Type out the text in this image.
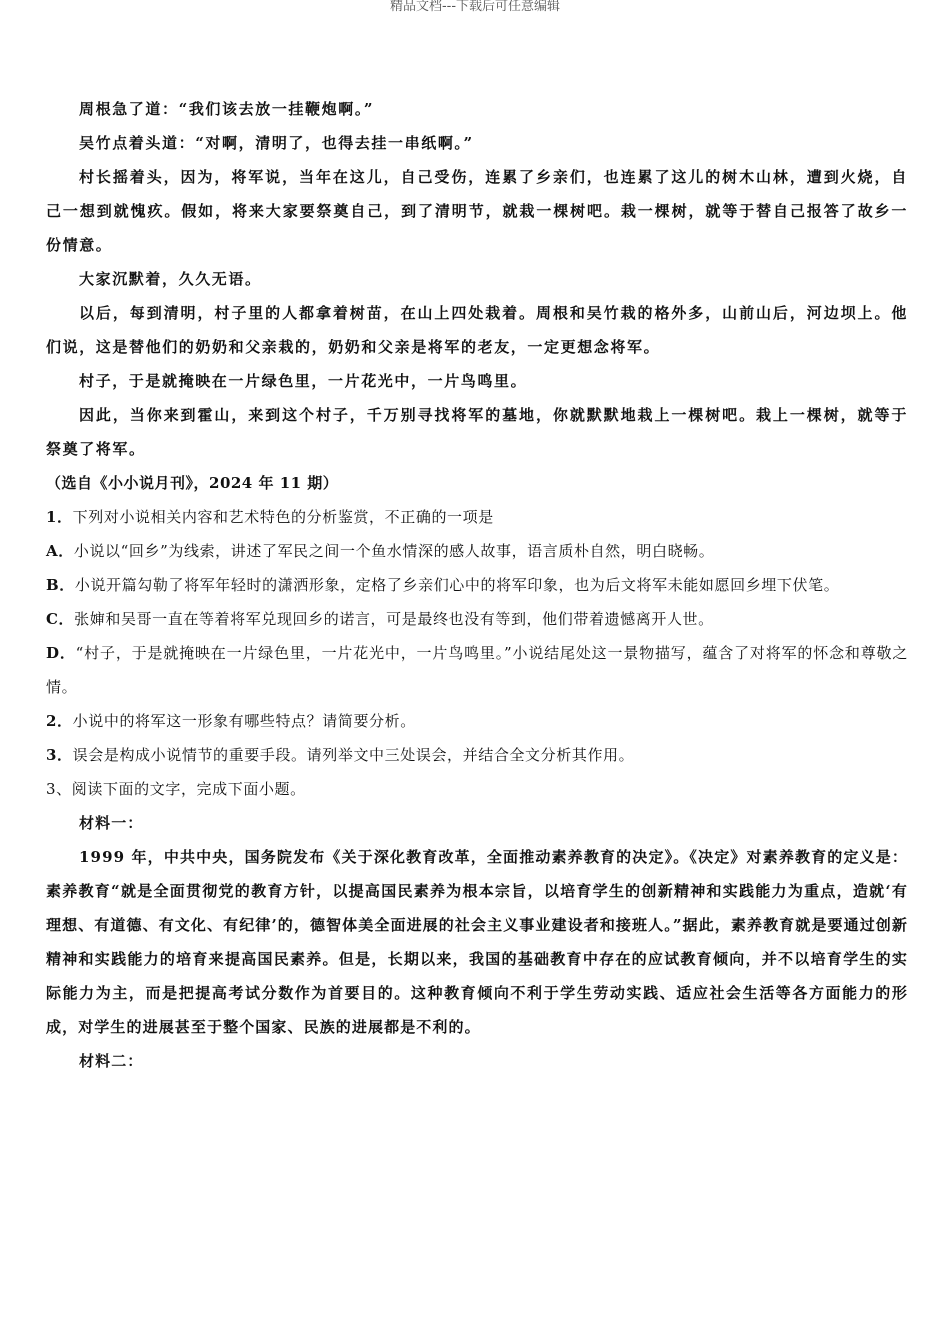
精品文档---下载后可任意编辑

周根急了道：“我们该去放一挂鞭炮啊。”

吴竹点着头道：“对啊，清明了，也得去挂一串纸啊。”

村长摇着头，因为，将军说，当年在这儿，自己受伤，连累了乡亲们，也连累了这儿的树木山林，遭到火烧，自己一想到就愧疚。假如，将来大家要祭奠自己，到了清明节，就栽一棵树吧。栽一棵树，就等于替自己报答了故乡一份情意。

大家沉默着，久久无语。

以后，每到清明，村子里的人都拿着树苗，在山上四处栽着。周根和吴竹栽的格外多，山前山后，河边坝上。他们说，这是替他们的奶奶和父亲栽的，奶奶和父亲是将军的老友，一定更想念将军。

村子，于是就掩映在一片绿色里，一片花光中，一片鸟鸣里。

因此，当你来到霍山，来到这个村子，千万别寻找将军的墓地，你就默默地栽上一棵树吧。栽上一棵树，就等于祭奠了将军。

（选自《小小说月刊》，2024 年 11 期）

1．下列对小说相关内容和艺术特色的分析鉴赏，不正确的一项是

A．小说以“回乡”为线索，讲述了军民之间一个鱼水情深的感人故事，语言质朴自然，明白晓畅。

B．小说开篇勾勒了将军年轻时的潇洒形象，定格了乡亲们心中的将军印象，也为后文将军未能如愿回乡埋下伏笔。

C．张婶和吴哥一直在等着将军兑现回乡的诺言，可是最终也没有等到，他们带着遗憾离开人世。

D．“村子，于是就掩映在一片绿色里，一片花光中，一片鸟鸣里。”小说结尾处这一景物描写，蕴含了对将军的怀念和尊敬之情。

2．小说中的将军这一形象有哪些特点？请简要分析。

3．误会是构成小说情节的重要手段。请列举文中三处误会，并结合全文分析其作用。

3、阅读下面的文字，完成下面小题。

材料一：

1999 年，中共中央，国务院发布《关于深化教育改革，全面推动素养教育的决定》。《决定》对素养教育的定义是：素养教育“就是全面贯彻党的教育方针，以提高国民素养为根本宗旨，以培育学生的创新精神和实践能力为重点，造就‘有理想、有道德、有文化、有纪律’的，德智体美全面进展的社会主义事业建设者和接班人。”据此，素养教育就是要通过创新精神和实践能力的培育来提高国民素养。但是，长期以来，我国的基础教育中存在的应试教育倾向，并不以培育学生的实际能力为主，而是把提高考试分数作为首要目的。这种教育倾向不利于学生劳动实践、适应社会生活等各方面能力的形成，对学生的进展甚至于整个国家、民族的进展都是不利的。

材料二：
